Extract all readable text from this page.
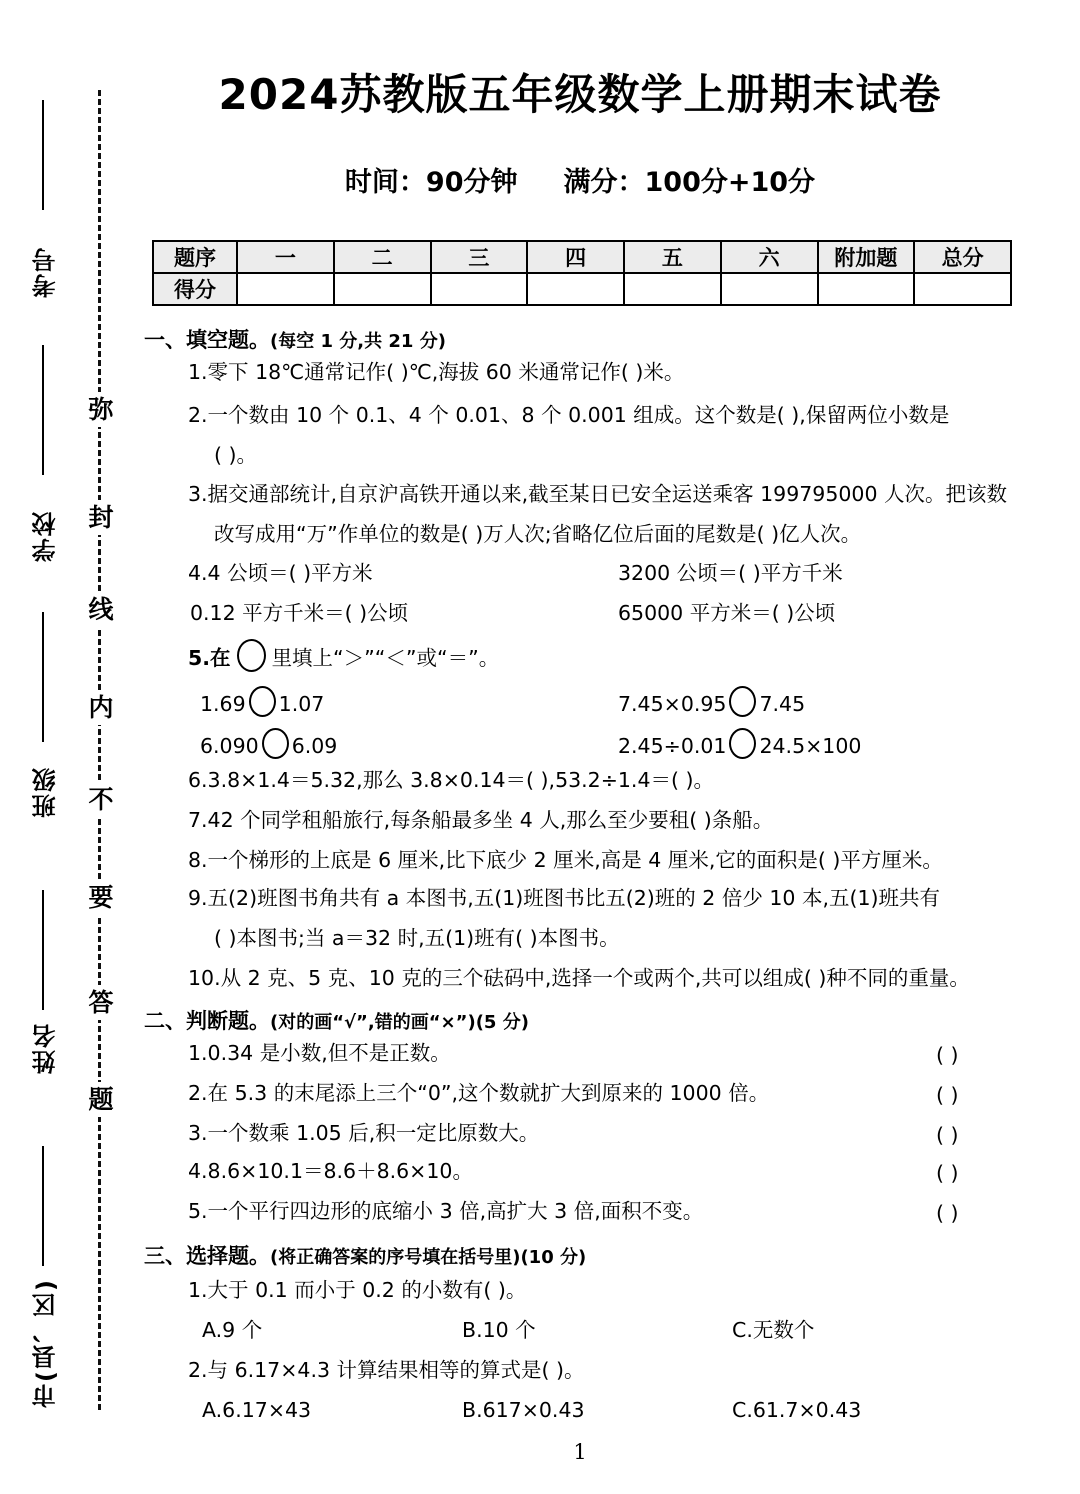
弥
封
线
内
不
要
答
题
考号
学校
班级
姓名
市(县、区)
2024苏教版五年级数学上册期末试卷
时间：90分钟 满分：100分+10分
题序	一	二	三	四	五	六	附加题	总分
得分								
一、填空题。(每空 1 分,共 21 分)
1.零下 18℃通常记作( )℃,海拔 60 米通常记作( )米。
2.一个数由 10 个 0.1、4 个 0.01、8 个 0.001 组成。这个数是( ),保留两位小数是
( )。
3.据交通部统计,自京沪高铁开通以来,截至某日已安全运送乘客 199795000 人次。把该数
改写成用“万”作单位的数是( )万人次;省略亿位后面的尾数是( )亿人次。
4.4 公顷＝( )平方米	3200 公顷＝( )平方千米
0.12 平方千米＝( )公顷	65000 平方米＝( )公顷
5.在 里填上“＞”“＜”或“＝”。
1.69 1.07	7.45×0.95 7.45
6.090 6.09	2.45÷0.01 24.5×100
6.3.8×1.4＝5.32,那么 3.8×0.14＝( ),53.2÷1.4＝( )。
7.42 个同学租船旅行,每条船最多坐 4 人,那么至少要租( )条船。
8.一个梯形的上底是 6 厘米,比下底少 2 厘米,高是 4 厘米,它的面积是( )平方厘米。
9.五(2)班图书角共有 a 本图书,五(1)班图书比五(2)班的 2 倍少 10 本,五(1)班共有
( )本图书;当 a＝32 时,五(1)班有( )本图书。
10.从 2 克、5 克、10 克的三个砝码中,选择一个或两个,共可以组成( )种不同的重量。
二、判断题。(对的画“√”,错的画“×”)(5 分)
1.0.34 是小数,但不是正数。	( )
2.在 5.3 的末尾添上三个“0”,这个数就扩大到原来的 1000 倍。	( )
3.一个数乘 1.05 后,积一定比原数大。	( )
4.8.6×10.1＝8.6＋8.6×10。	( )
5.一个平行四边形的底缩小 3 倍,高扩大 3 倍,面积不变。	( )
三、选择题。(将正确答案的序号填在括号里)(10 分)
1.大于 0.1 而小于 0.2 的小数有( )。
A.9 个	B.10 个	C.无数个
2.与 6.17×4.3 计算结果相等的算式是( )。
A.6.17×43	B.617×0.43	C.61.7×0.43
1
